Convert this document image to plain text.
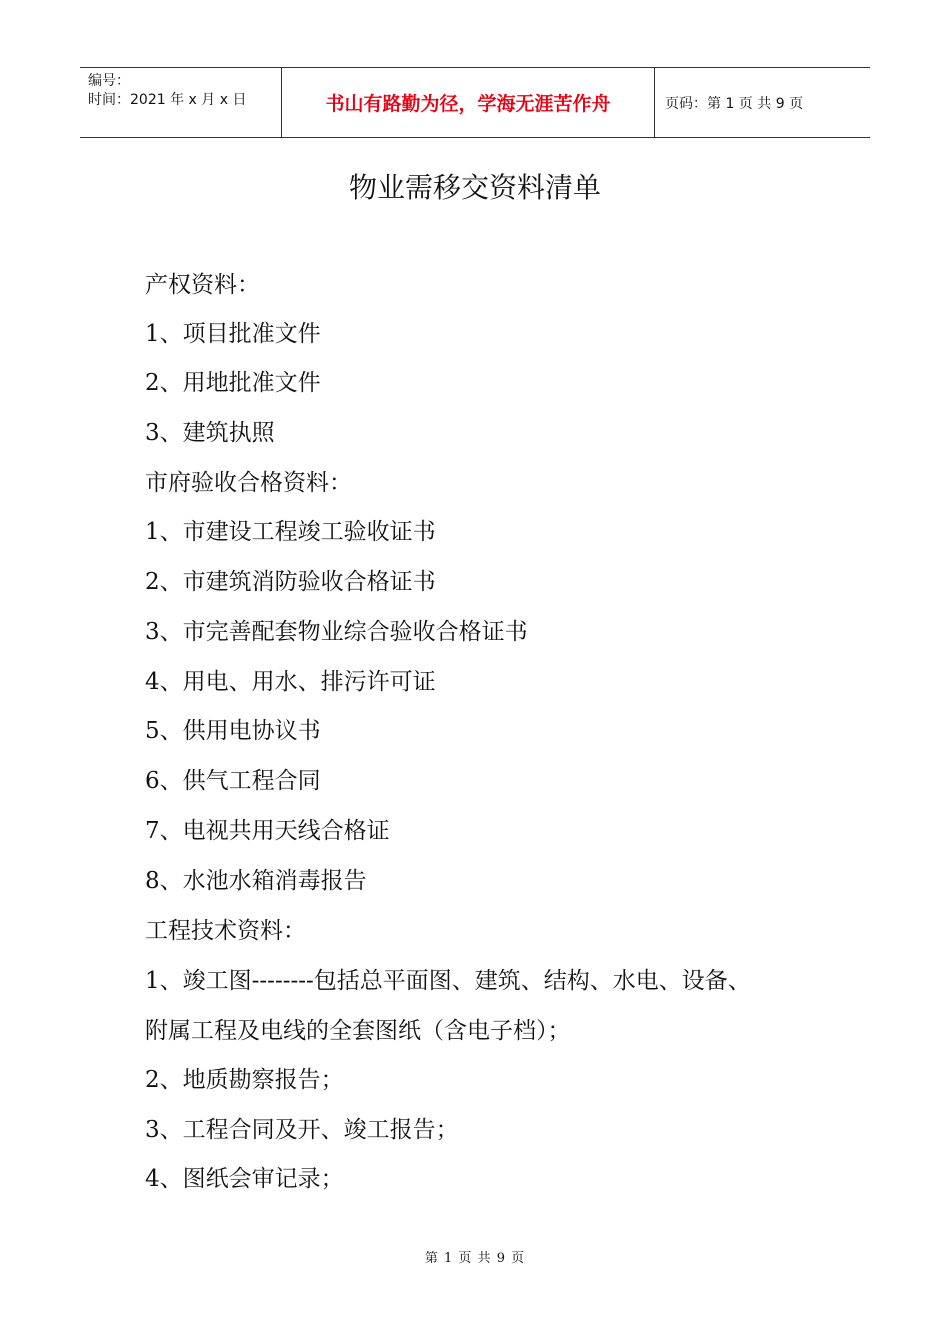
编号：
时间：2021 年 x 月 x 日	书山有路勤为径，学海无涯苦作舟	页码：第 1 页 共 9 页
物业需移交资料清单
产权资料：
1、项目批准文件
2、用地批准文件
3、建筑执照
市府验收合格资料：
1、市建设工程竣工验收证书
2、市建筑消防验收合格证书
3、市完善配套物业综合验收合格证书
4、用电、用水、排污许可证
5、供用电协议书
6、供气工程合同
7、电视共用天线合格证
8、水池水箱消毒报告
工程技术资料：
1、竣工图--------包括总平面图、建筑、结构、水电、设备、
附属工程及电线的全套图纸（含电子档）；
2、地质勘察报告；
3、工程合同及开、竣工报告；
4、图纸会审记录；
第 1 页 共 9 页
